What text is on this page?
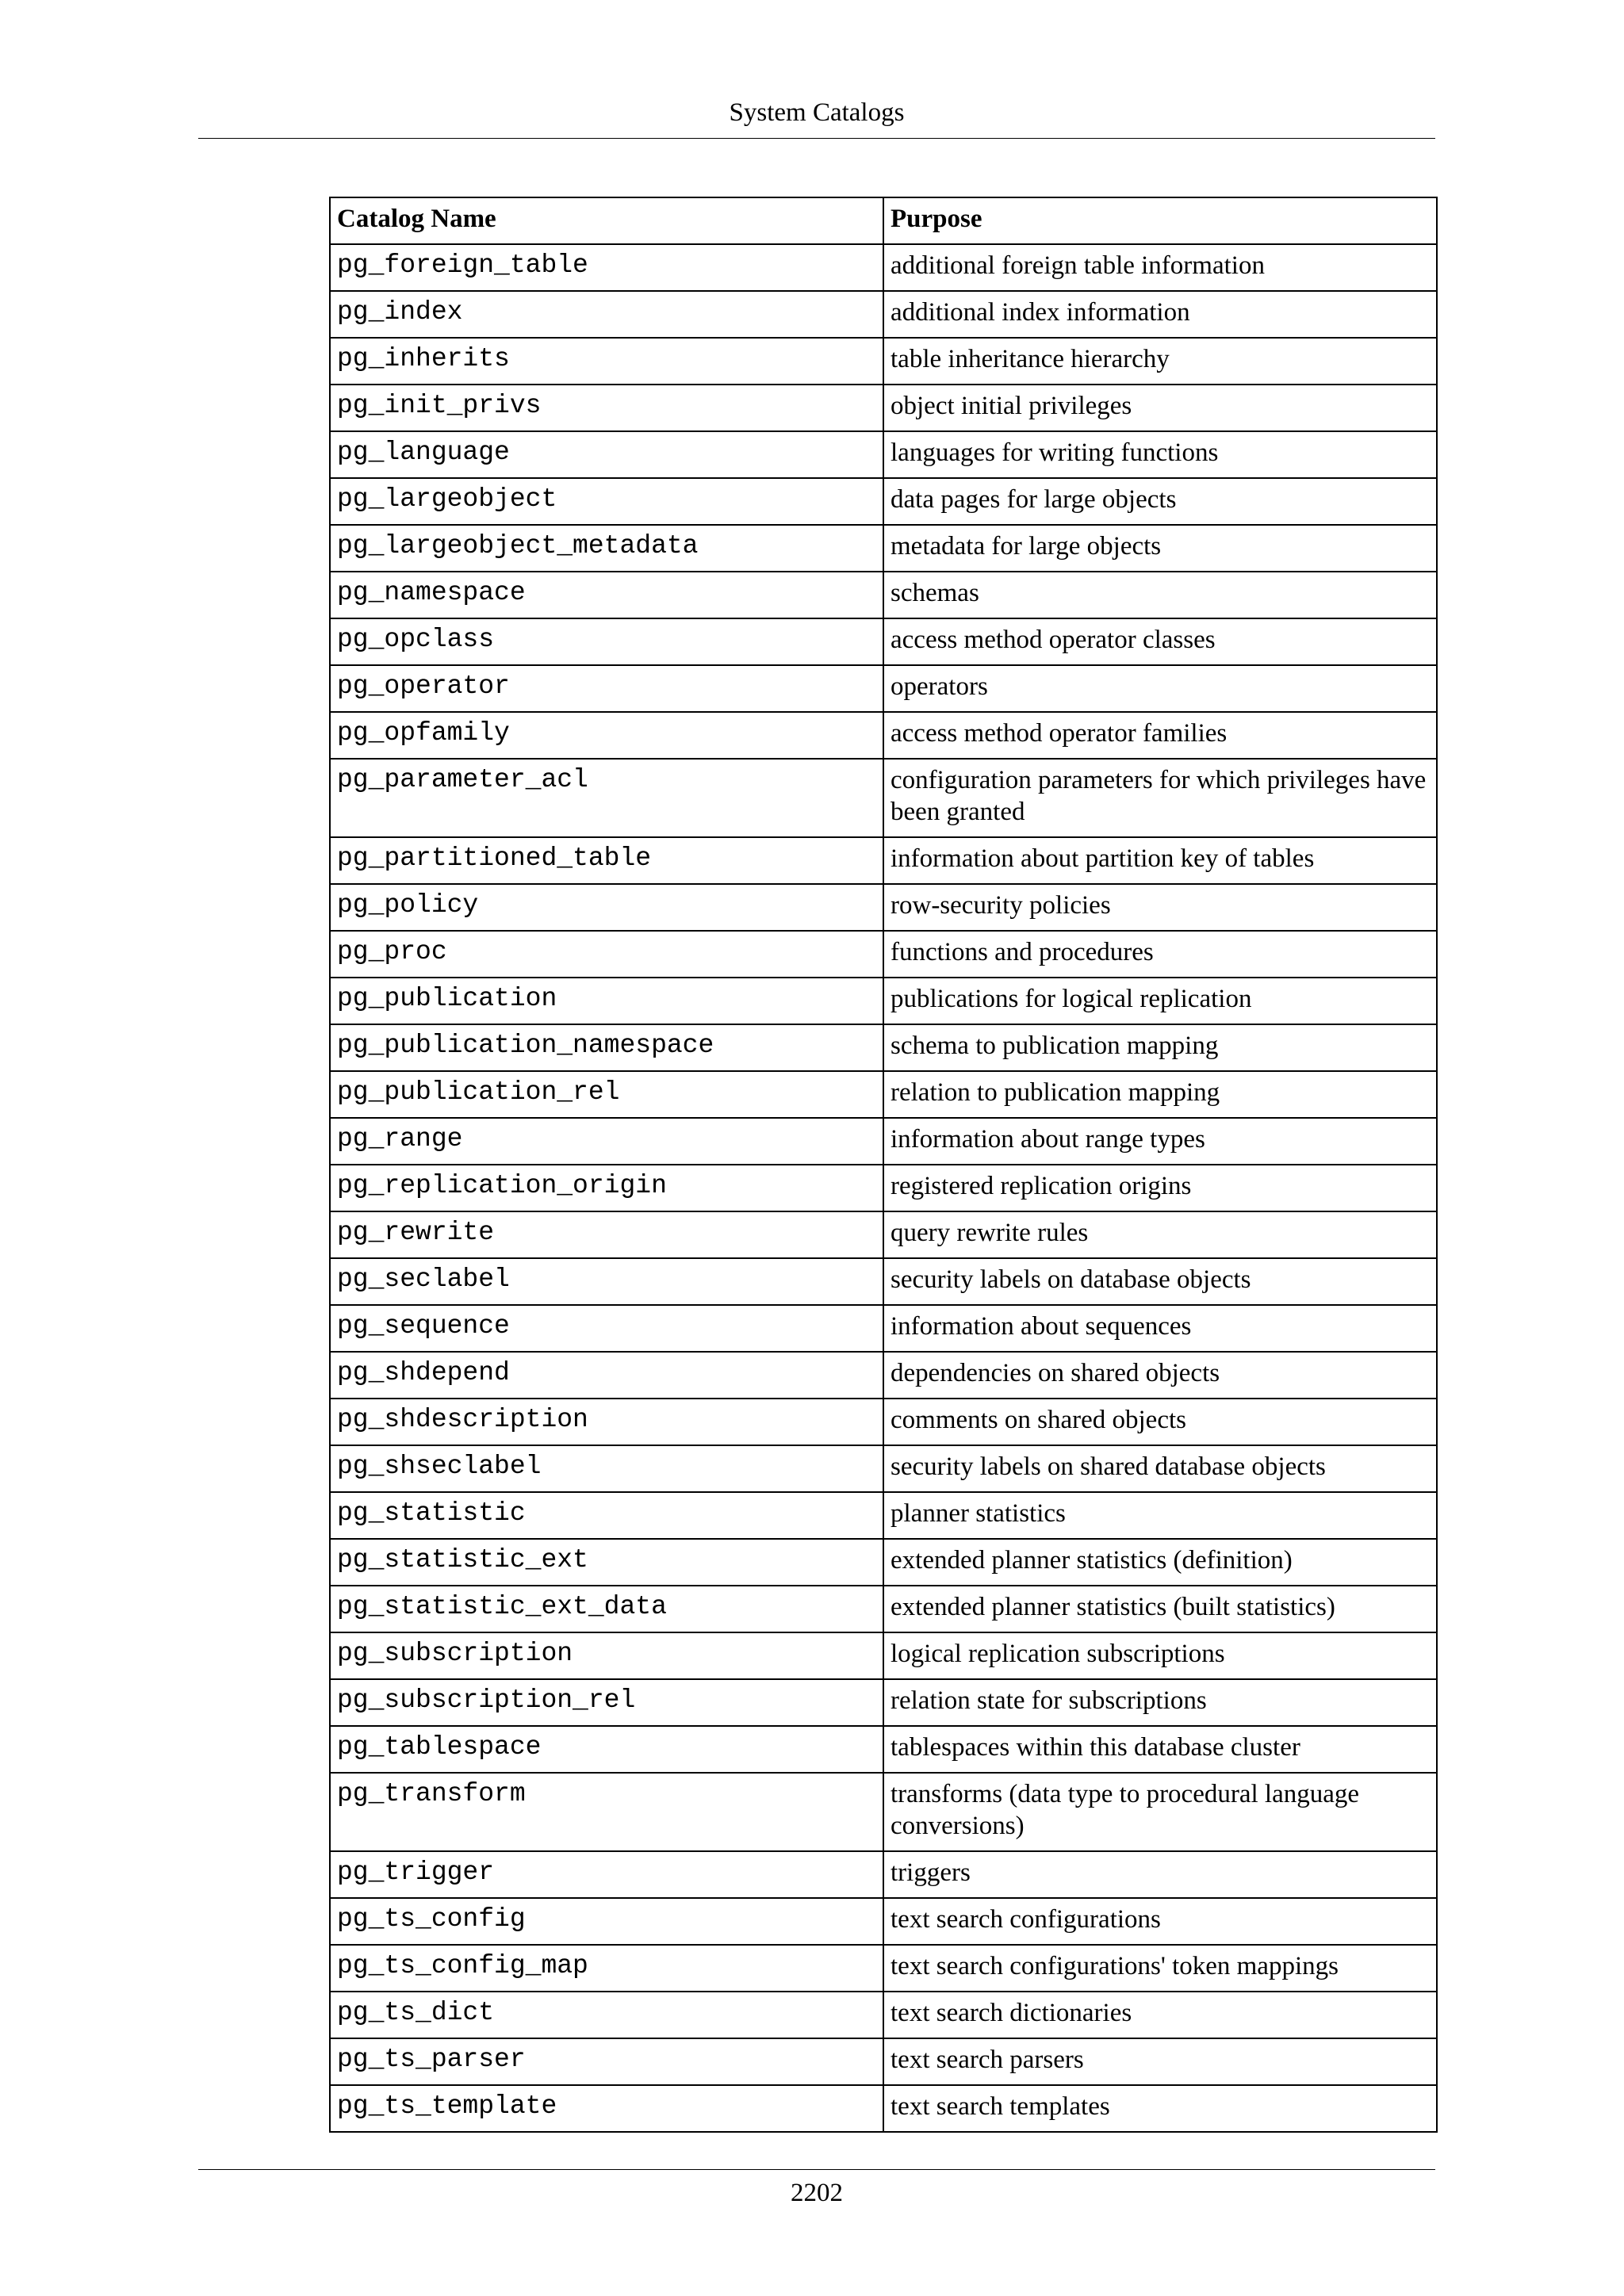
System Catalogs
Catalog Name	Purpose
pg_foreign_table	additional foreign table information
pg_index	additional index information
pg_inherits	table inheritance hierarchy
pg_init_privs	object initial privileges
pg_language	languages for writing functions
pg_largeobject	data pages for large objects
pg_largeobject_metadata	metadata for large objects
pg_namespace	schemas
pg_opclass	access method operator classes
pg_operator	operators
pg_opfamily	access method operator families
pg_parameter_acl	configuration parameters for which privileges have been granted
pg_partitioned_table	information about partition key of tables
pg_policy	row-security policies
pg_proc	functions and procedures
pg_publication	publications for logical replication
pg_publication_namespace	schema to publication mapping
pg_publication_rel	relation to publication mapping
pg_range	information about range types
pg_replication_origin	registered replication origins
pg_rewrite	query rewrite rules
pg_seclabel	security labels on database objects
pg_sequence	information about sequences
pg_shdepend	dependencies on shared objects
pg_shdescription	comments on shared objects
pg_shseclabel	security labels on shared database objects
pg_statistic	planner statistics
pg_statistic_ext	extended planner statistics (definition)
pg_statistic_ext_data	extended planner statistics (built statistics)
pg_subscription	logical replication subscriptions
pg_subscription_rel	relation state for subscriptions
pg_tablespace	tablespaces within this database cluster
pg_transform	transforms (data type to procedural language conversions)
pg_trigger	triggers
pg_ts_config	text search configurations
pg_ts_config_map	text search configurations' token mappings
pg_ts_dict	text search dictionaries
pg_ts_parser	text search parsers
pg_ts_template	text search templates
2202
